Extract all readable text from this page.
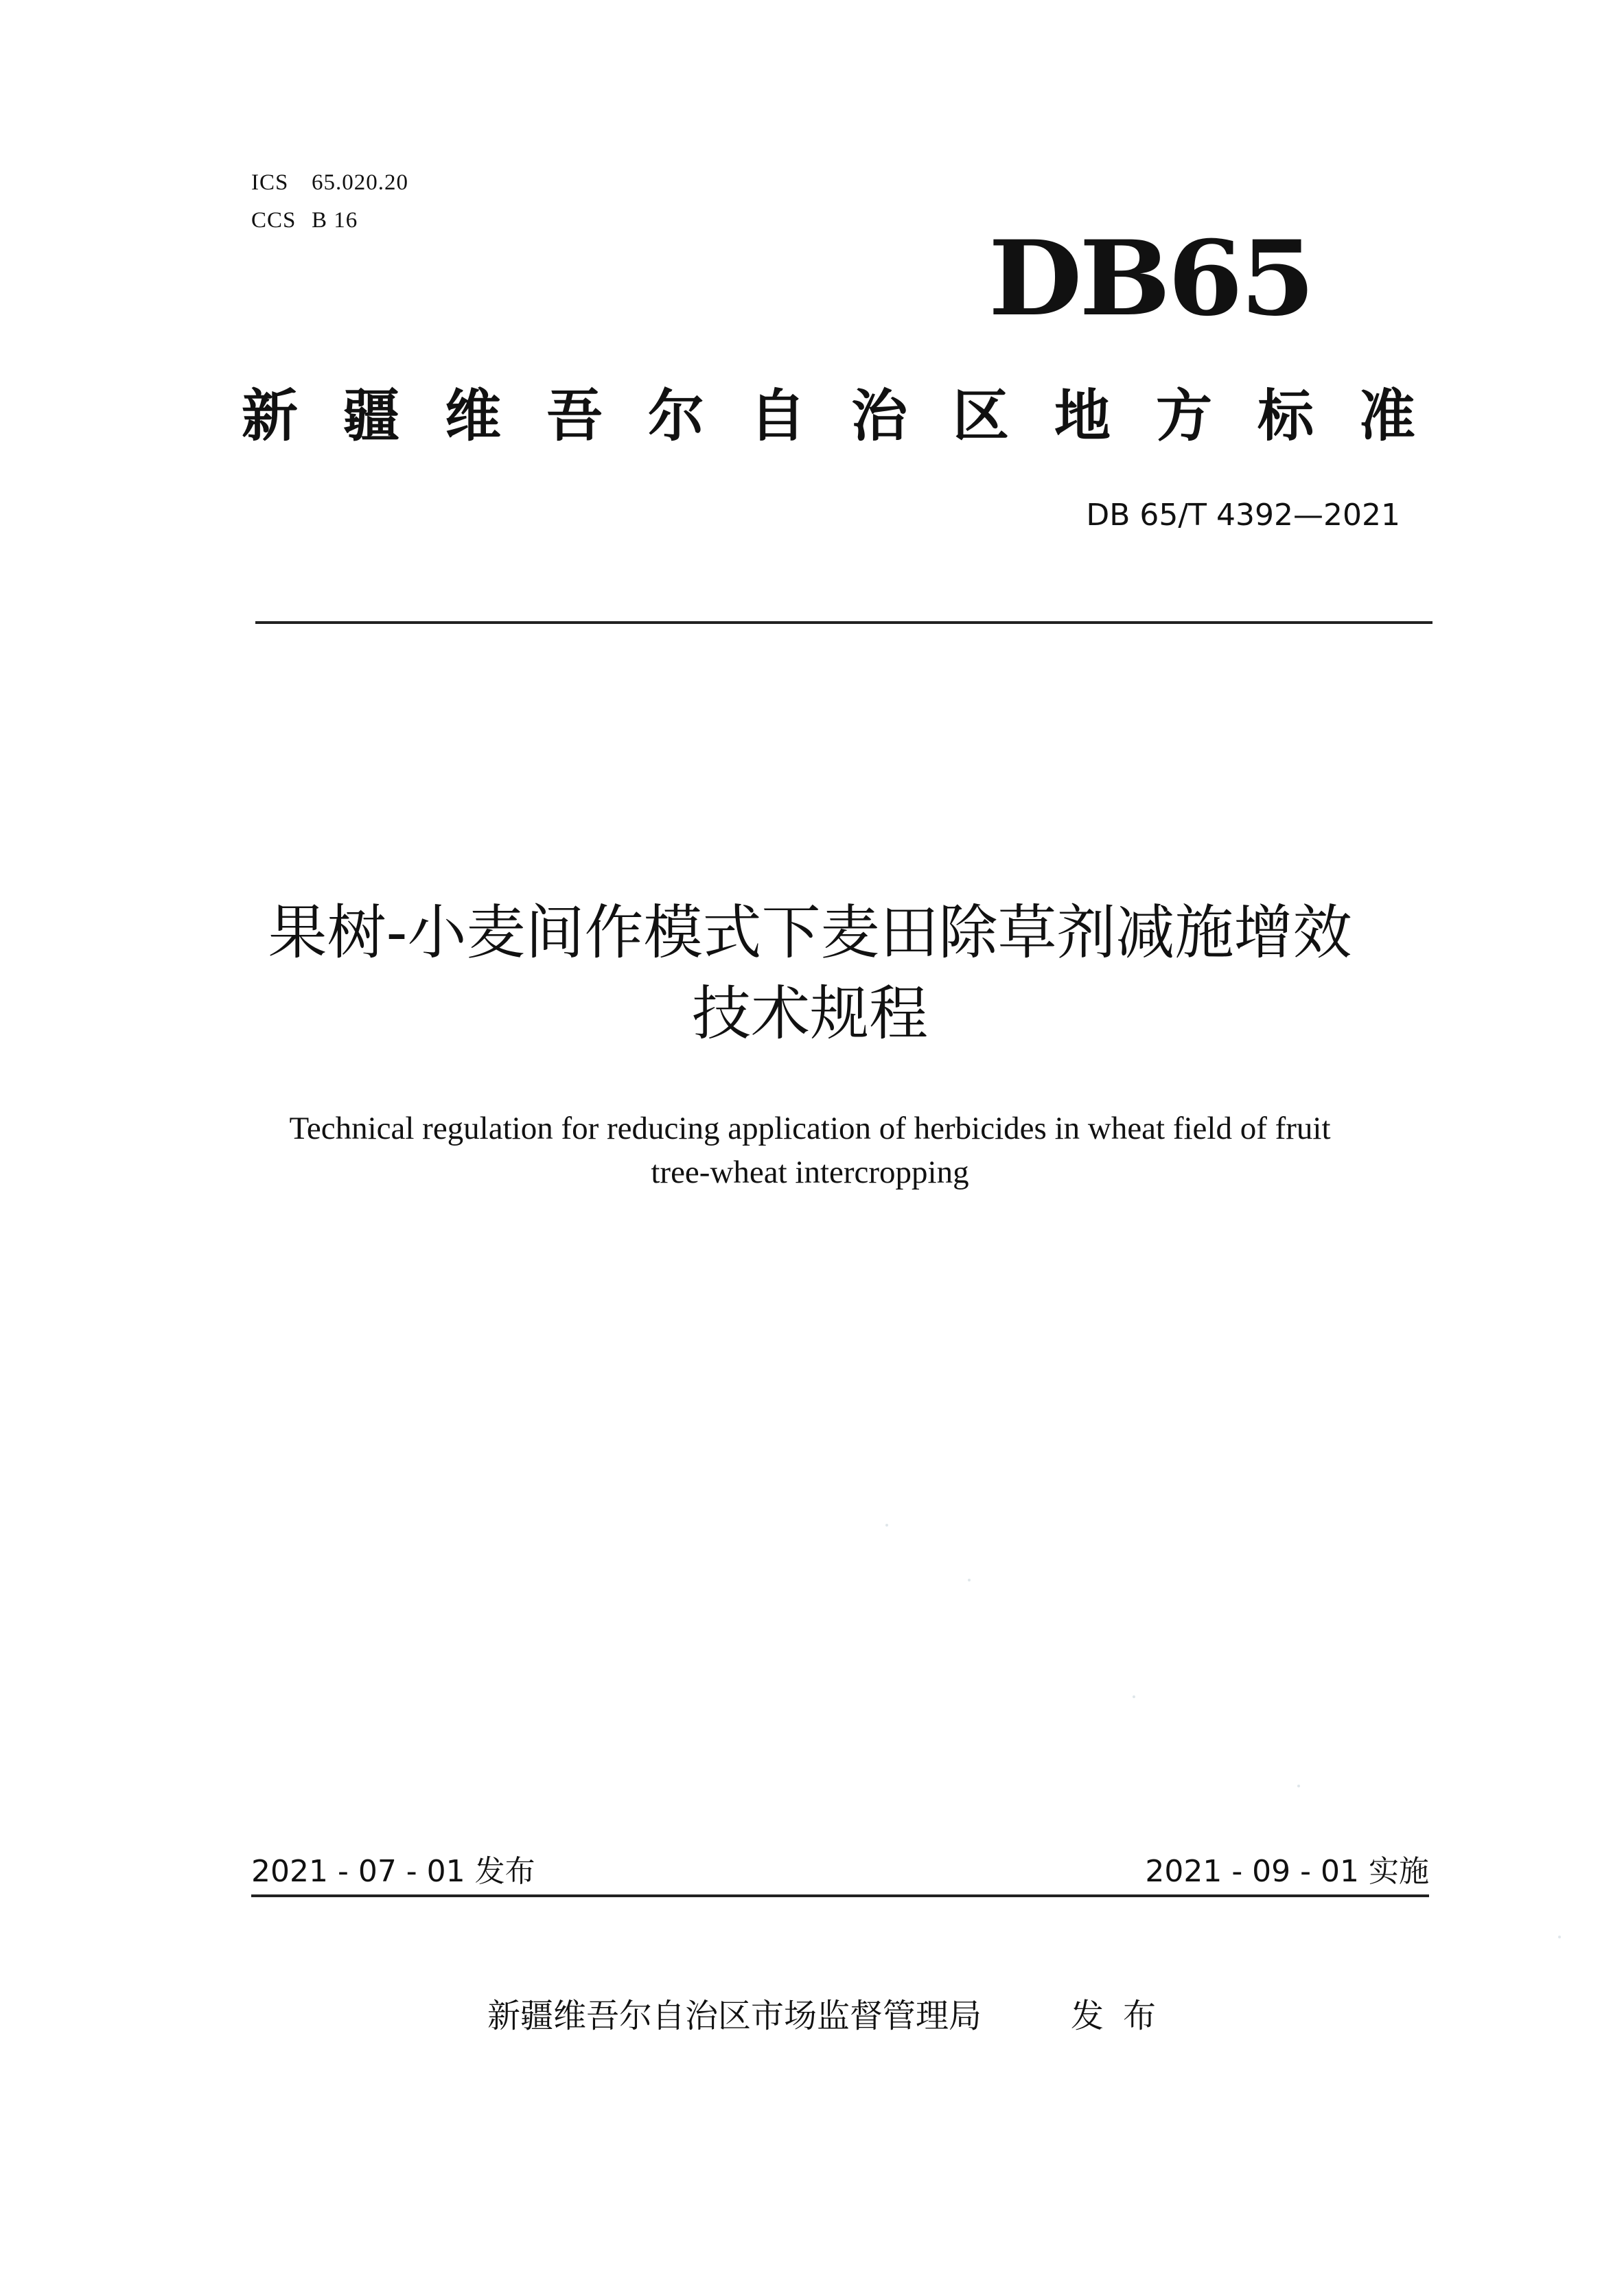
ICS 65.020.20
CCS B 16	DB65
新疆维吾尔自治区地方标准
DB 65/T 4392—2021
果树-小麦间作模式下麦田除草剂减施增效
技术规程
Technical regulation for reducing application of herbicides in wheat field of fruit
tree-wheat intercropping
2021 - 07 - 01 发布	2021 - 09 - 01 实施
新疆维吾尔自治区市场监督管理局	发布
